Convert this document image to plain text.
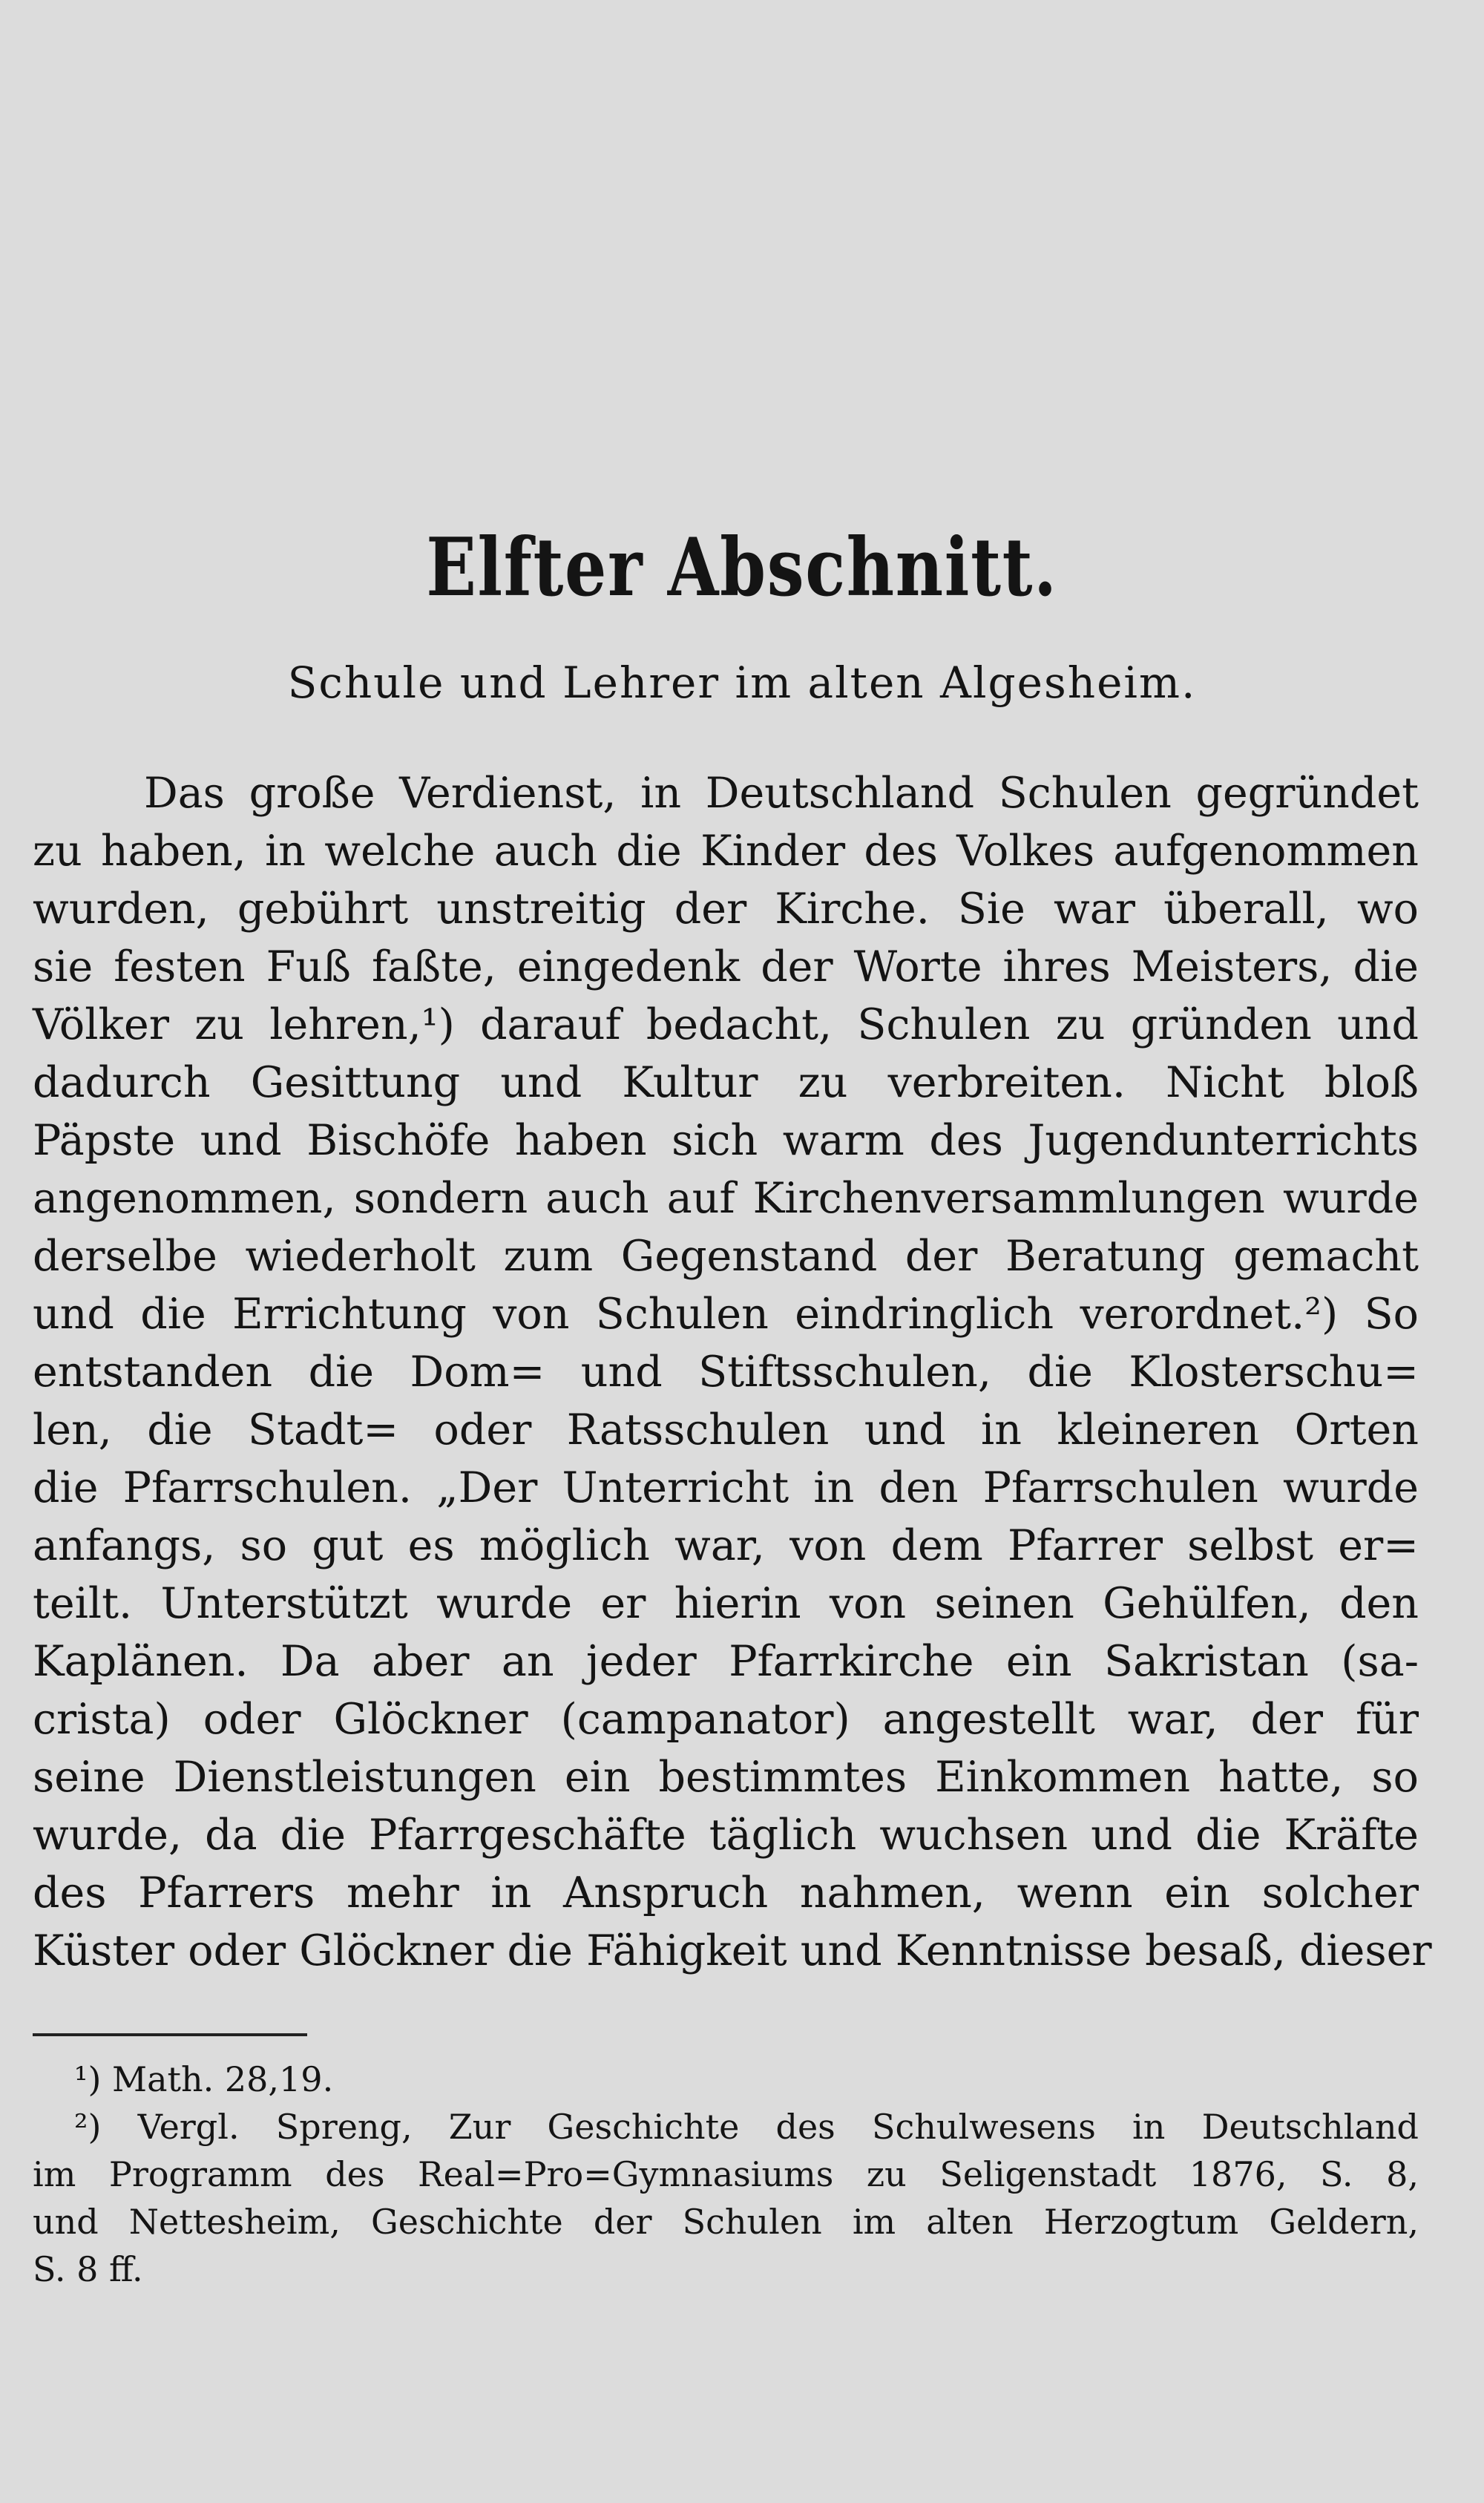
Elfter Abschnitt.
Schule und Lehrer im alten Algesheim.
Das große Verdienst, in Deutschland Schulen gegründet
zu haben, in welche auch die Kinder des Volkes aufgenommen
wurden, gebührt unstreitig der Kirche. Sie war überall, wo
sie festen Fuß faßte, eingedenk der Worte ihres Meisters, die
Völker zu lehren,¹) darauf bedacht, Schulen zu gründen und
dadurch Gesittung und Kultur zu verbreiten. Nicht bloß
Päpste und Bischöfe haben sich warm des Jugendunterrichts
angenommen, sondern auch auf Kirchenversammlungen wurde
derselbe wiederholt zum Gegenstand der Beratung gemacht
und die Errichtung von Schulen eindringlich verordnet.²) So
entstanden die Dom= und Stiftsschulen, die Klosterschu=
len, die Stadt= oder Ratsschulen und in kleineren Orten
die Pfarrschulen. „Der Unterricht in den Pfarrschulen wurde
anfangs, so gut es möglich war, von dem Pfarrer selbst er=
teilt. Unterstützt wurde er hierin von seinen Gehülfen, den
Kaplänen. Da aber an jeder Pfarrkirche ein Sakristan (sa-
crista) oder Glöckner (campanator) angestellt war, der für
seine Dienstleistungen ein bestimmtes Einkommen hatte, so
wurde, da die Pfarrgeschäfte täglich wuchsen und die Kräfte
des Pfarrers mehr in Anspruch nahmen, wenn ein solcher
Küster oder Glöckner die Fähigkeit und Kenntnisse besaß, dieser
¹) Math. 28,19.
²) Vergl. Spreng, Zur Geschichte des Schulwesens in Deutschland
im Programm des Real=Pro=Gymnasiums zu Seligenstadt 1876, S. 8,
und Nettesheim, Geschichte der Schulen im alten Herzogtum Geldern,
S. 8 ff.
